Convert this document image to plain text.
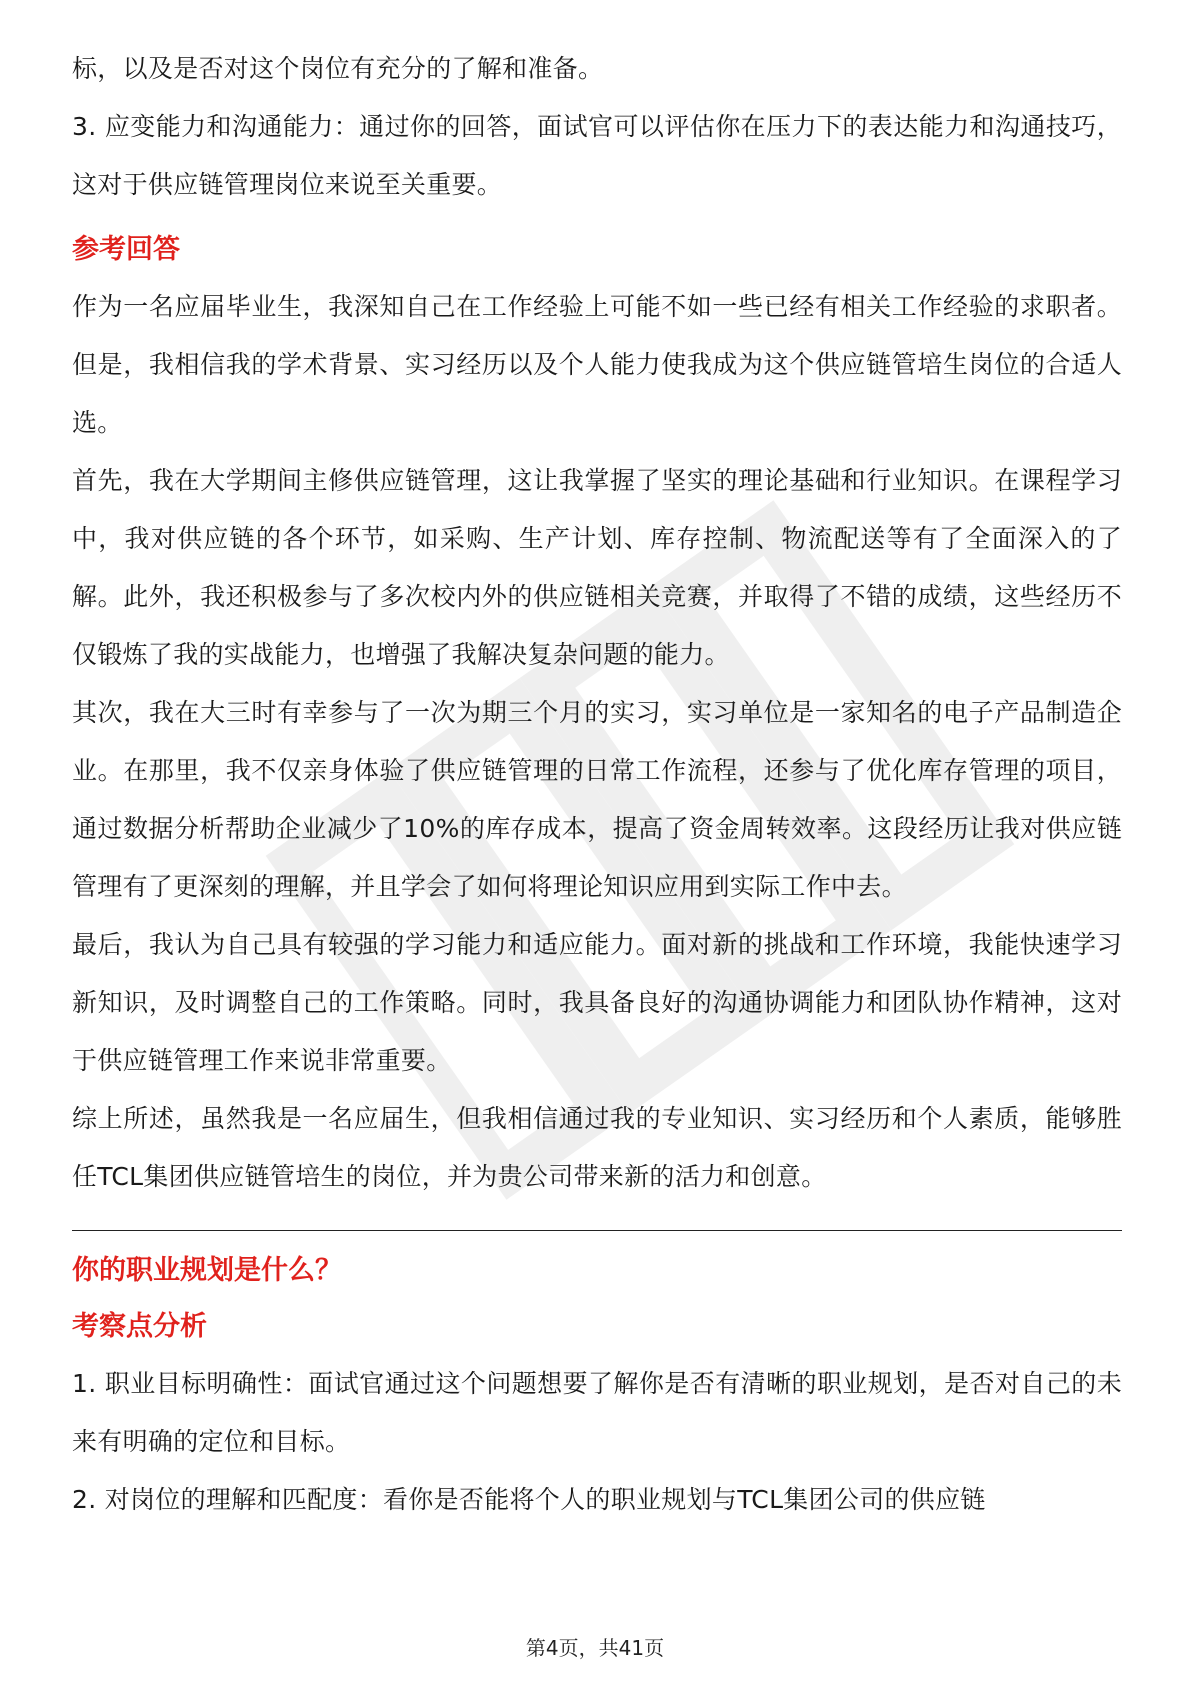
标，以及是否对这个岗位有充分的了解和准备。

3. 应变能力和沟通能力：通过你的回答，面试官可以评估你在压力下的表达能力和沟通技巧，这对于供应链管理岗位来说至关重要。

参考回答

作为一名应届毕业生，我深知自己在工作经验上可能不如一些已经有相关工作经验的求职者。但是，我相信我的学术背景、实习经历以及个人能力使我成为这个供应链管培生岗位的合适人选。

首先，我在大学期间主修供应链管理，这让我掌握了坚实的理论基础和行业知识。在课程学习中，我对供应链的各个环节，如采购、生产计划、库存控制、物流配送等有了全面深入的了解。此外，我还积极参与了多次校内外的供应链相关竞赛，并取得了不错的成绩，这些经历不仅锻炼了我的实战能力，也增强了我解决复杂问题的能力。

其次，我在大三时有幸参与了一次为期三个月的实习，实习单位是一家知名的电子产品制造企业。在那里，我不仅亲身体验了供应链管理的日常工作流程，还参与了优化库存管理的项目，通过数据分析帮助企业减少了10%的库存成本，提高了资金周转效率。这段经历让我对供应链管理有了更深刻的理解，并且学会了如何将理论知识应用到实际工作中去。

最后，我认为自己具有较强的学习能力和适应能力。面对新的挑战和工作环境，我能快速学习新知识，及时调整自己的工作策略。同时，我具备良好的沟通协调能力和团队协作精神，这对于供应链管理工作来说非常重要。

综上所述，虽然我是一名应届生，但我相信通过我的专业知识、实习经历和个人素质，能够胜任TCL集团供应链管培生的岗位，并为贵公司带来新的活力和创意。

你的职业规划是什么？
考察点分析

1. 职业目标明确性：面试官通过这个问题想要了解你是否有清晰的职业规划，是否对自己的未来有明确的定位和目标。

2. 对岗位的理解和匹配度：看你是否能将个人的职业规划与TCL集团公司的供应链

第4页，共41页
